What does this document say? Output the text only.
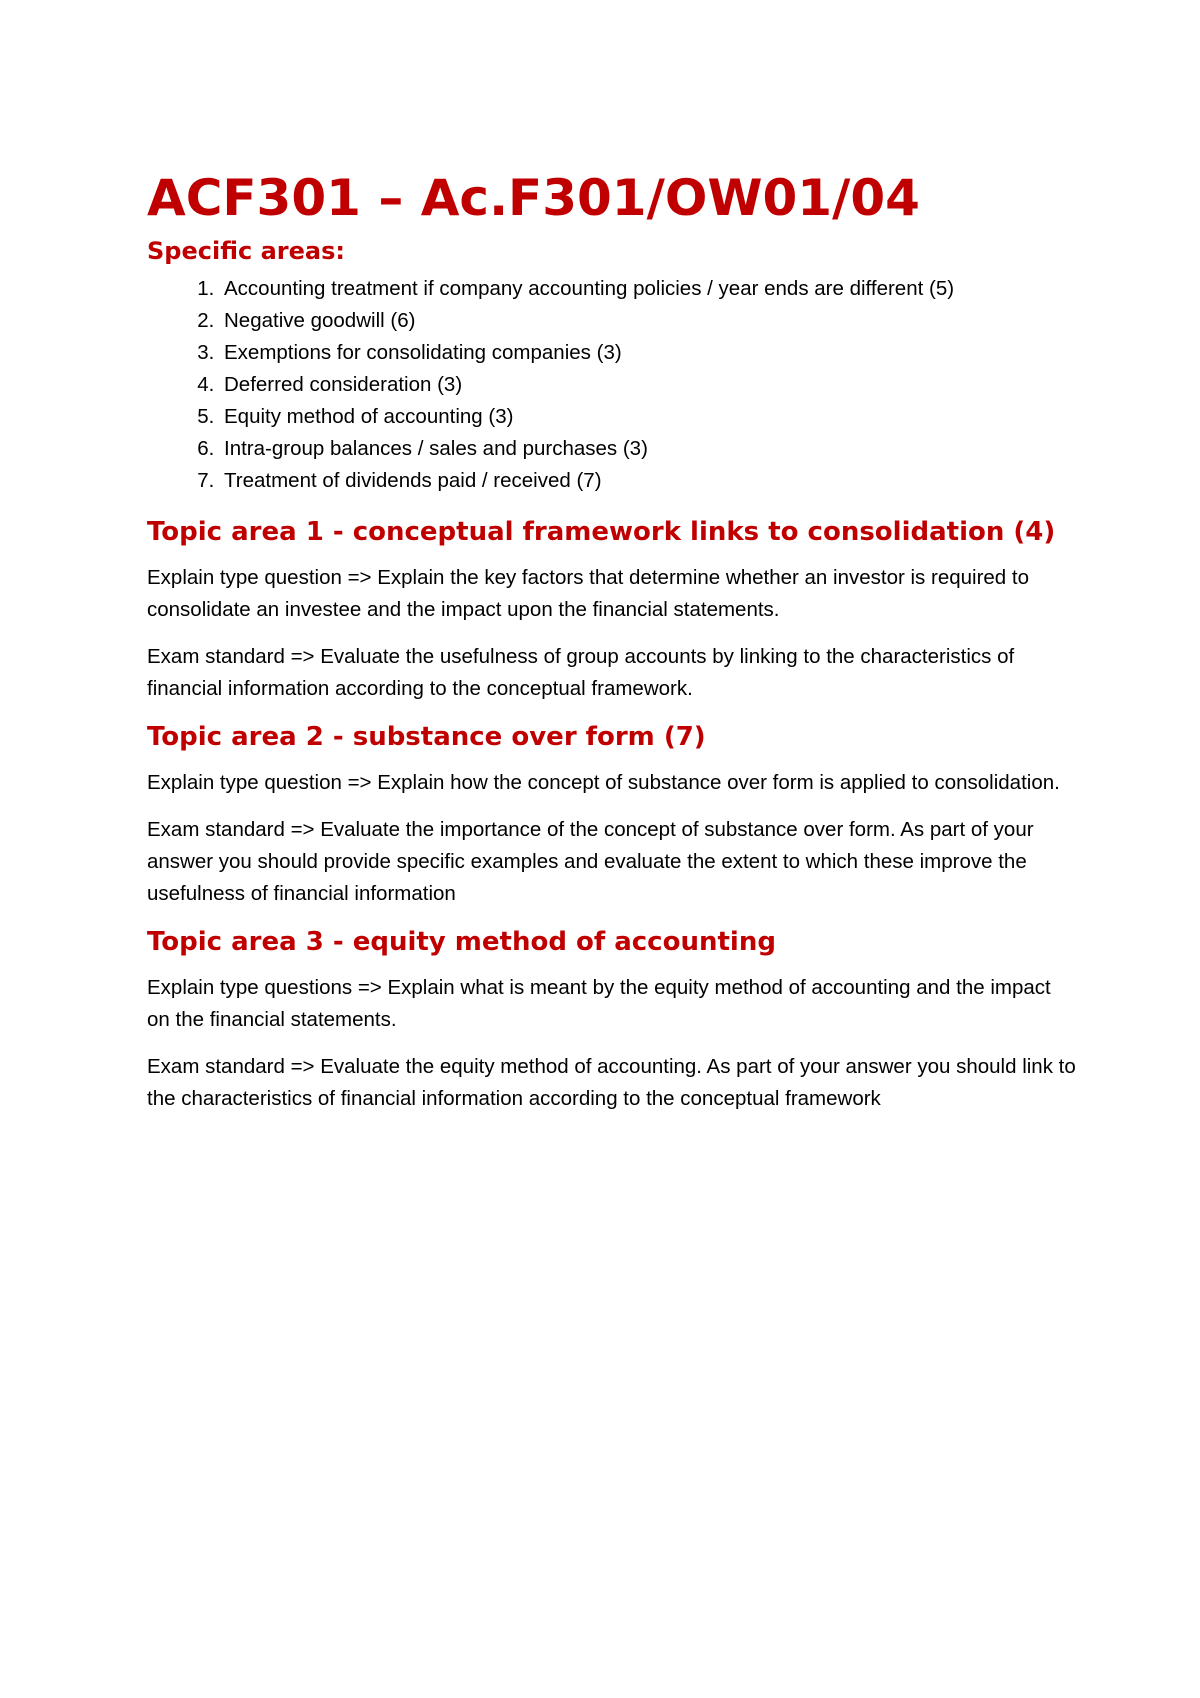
ACF301 – Ac.F301/OW01/04
Specific areas:
1. Accounting treatment if company accounting policies / year ends are different (5)
2. Negative goodwill (6)
3. Exemptions for consolidating companies (3)
4. Deferred consideration (3)
5. Equity method of accounting (3)
6. Intra-group balances / sales and purchases (3)
7. Treatment of dividends paid / received (7)
Topic area 1 - conceptual framework links to consolidation (4)

Explain type question => Explain the key factors that determine whether an investor is required to consolidate an investee and the impact upon the financial statements.

Exam standard => Evaluate the usefulness of group accounts by linking to the characteristics of financial information according to the conceptual framework.

Topic area 2 - substance over form (7)

Explain type question => Explain how the concept of substance over form is applied to consolidation.

Exam standard => Evaluate the importance of the concept of substance over form. As part of your answer you should provide specific examples and evaluate the extent to which these improve the usefulness of financial information

Topic area 3 - equity method of accounting

Explain type questions => Explain what is meant by the equity method of accounting and the impact on the financial statements.

Exam standard => Evaluate the equity method of accounting. As part of your answer you should link to the characteristics of financial information according to the conceptual framework
